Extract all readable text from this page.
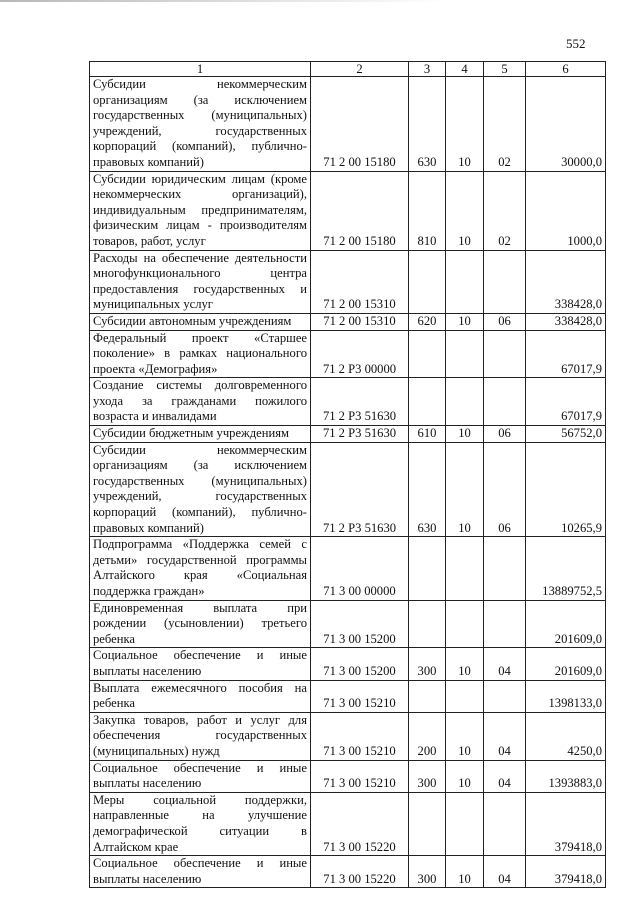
552
1	2	3	4	5	6
Субсидии некоммерческим организациям (за исключением государственных (муниципальных) учреждений, государственных корпораций (компаний), публично-правовых компаний)	71 2 00 15180	630	10	02	30000,0
Субсидии юридическим лицам (кроме некоммерческих организаций), индивидуальным предпринимателям, физическим лицам - производителям товаров, работ, услуг	71 2 00 15180	810	10	02	1000,0
Расходы на обеспечение деятельности многофункционального центра предоставления государственных и муниципальных услуг	71 2 00 15310				338428,0
Субсидии автономным учреждениям	71 2 00 15310	620	10	06	338428,0
Федеральный проект «Старшее поколение» в рамках национального проекта «Демография»	71 2 P3 00000				67017,9
Создание системы долговременного ухода за гражданами пожилого возраста и инвалидами	71 2 P3 51630				67017,9
Субсидии бюджетным учреждениям	71 2 P3 51630	610	10	06	56752,0
Субсидии некоммерческим организациям (за исключением государственных (муниципальных) учреждений, государственных корпораций (компаний), публично-правовых компаний)	71 2 P3 51630	630	10	06	10265,9
Подпрограмма «Поддержка семей с детьми» государственной программы Алтайского края «Социальная поддержка граждан»	71 3 00 00000				13889752,5
Единовременная выплата при рождении (усыновлении) третьего ребенка	71 3 00 15200				201609,0
Социальное обеспечение и иные выплаты населению	71 3 00 15200	300	10	04	201609,0
Выплата ежемесячного пособия на ребенка	71 3 00 15210				1398133,0
Закупка товаров, работ и услуг для обеспечения государственных (муниципальных) нужд	71 3 00 15210	200	10	04	4250,0
Социальное обеспечение и иные выплаты населению	71 3 00 15210	300	10	04	1393883,0
Меры социальной поддержки, направленные на улучшение демографической ситуации в Алтайском крае	71 3 00 15220				379418,0
Социальное обеспечение и иные выплаты населению	71 3 00 15220	300	10	04	379418,0
